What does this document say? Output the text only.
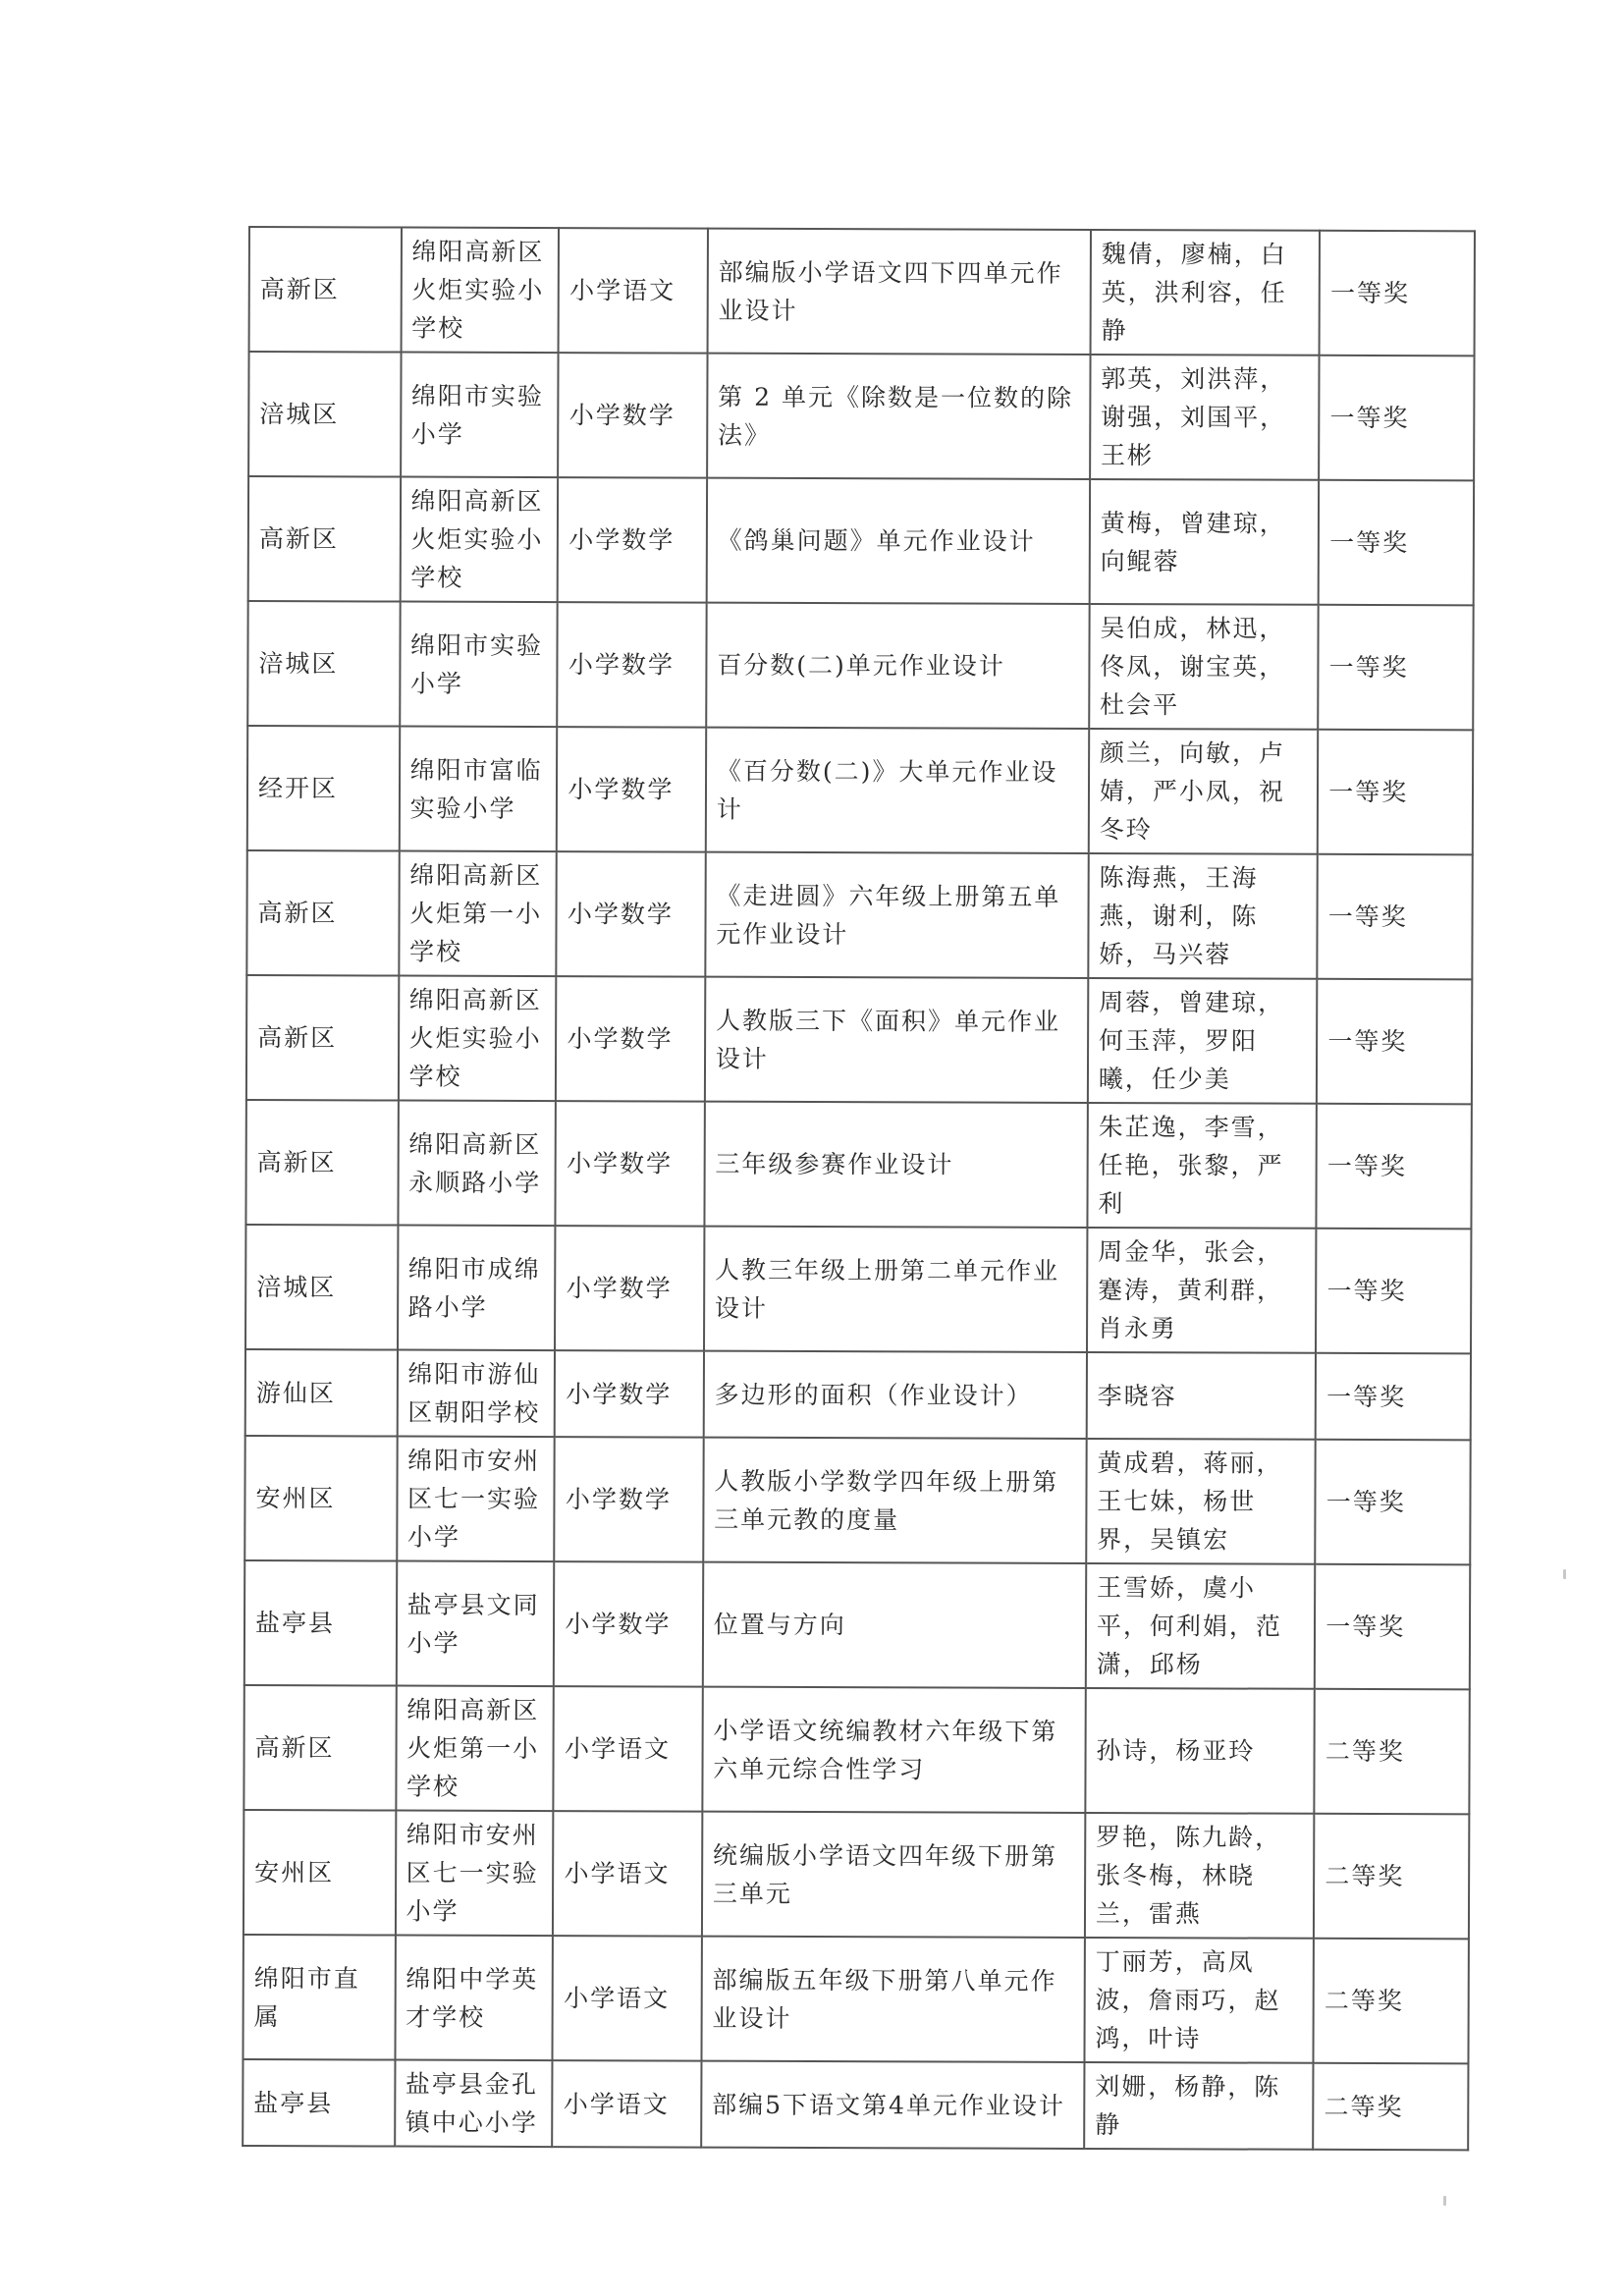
高新区	绵阳高新区火炬实验小学校	小学语文	部编版小学语文四下四单元作业设计	魏倩，廖楠，白英，洪利容，任静	一等奖
涪城区	绵阳市实验小学	小学数学	第 2 单元《除数是一位数的除法》	郭英，刘洪萍，谢强，刘国平，王彬	一等奖
高新区	绵阳高新区火炬实验小学校	小学数学	《鸽巢问题》单元作业设计	黄梅，曾建琼，向鲲蓉	一等奖
涪城区	绵阳市实验小学	小学数学	百分数(二)单元作业设计	吴伯成，林迅，佟凤，谢宝英，杜会平	一等奖
经开区	绵阳市富临实验小学	小学数学	《百分数(二)》大单元作业设计	颜兰，向敏，卢婧，严小凤，祝冬玲	一等奖
高新区	绵阳高新区火炬第一小学校	小学数学	《走进圆》六年级上册第五单元作业设计	陈海燕，王海燕，谢利，陈娇，马兴蓉	一等奖
高新区	绵阳高新区火炬实验小学校	小学数学	人教版三下《面积》单元作业设计	周蓉，曾建琼，何玉萍，罗阳曦，任少美	一等奖
高新区	绵阳高新区永顺路小学	小学数学	三年级参赛作业设计	朱芷逸，李雪，任艳，张黎，严利	一等奖
涪城区	绵阳市成绵路小学	小学数学	人教三年级上册第二单元作业设计	周金华，张会，蹇涛，黄利群，肖永勇	一等奖
游仙区	绵阳市游仙区朝阳学校	小学数学	多边形的面积（作业设计）	李晓容	一等奖
安州区	绵阳市安州区七一实验小学	小学数学	人教版小学数学四年级上册第三单元教的度量	黄成碧，蒋丽，王七妹，杨世界，吴镇宏	一等奖
盐亭县	盐亭县文同小学	小学数学	位置与方向	王雪娇，虞小平，何利娟，范潇，邱杨	一等奖
高新区	绵阳高新区火炬第一小学校	小学语文	小学语文统编教材六年级下第六单元综合性学习	孙诗，杨亚玲	二等奖
安州区	绵阳市安州区七一实验小学	小学语文	统编版小学语文四年级下册第三单元	罗艳，陈九龄，张冬梅，林晓兰，雷燕	二等奖
绵阳市直属	绵阳中学英才学校	小学语文	部编版五年级下册第八单元作业设计	丁丽芳，高凤波，詹雨巧，赵鸿，叶诗	二等奖
盐亭县	盐亭县金孔镇中心小学	小学语文	部编5下语文第4单元作业设计	刘姗，杨静，陈静	二等奖
